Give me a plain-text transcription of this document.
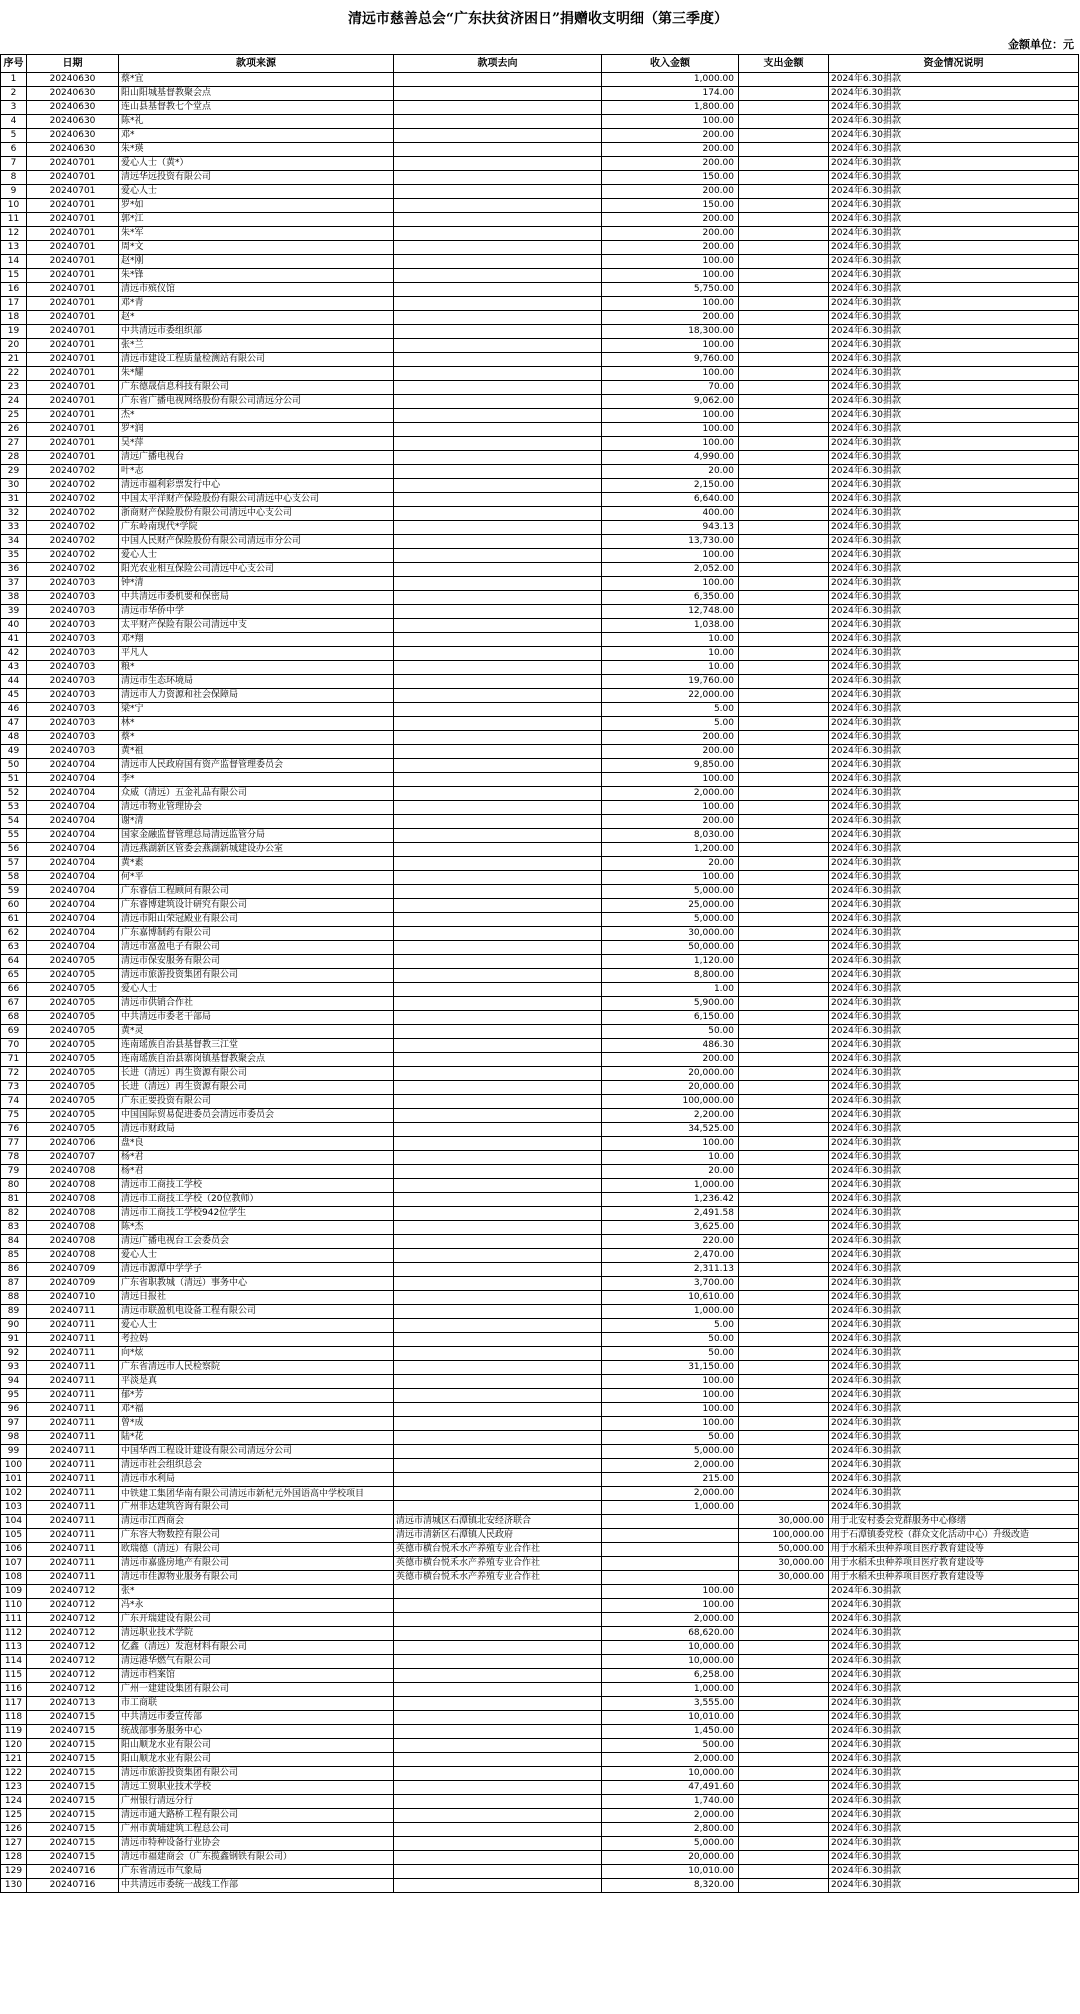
清远市慈善总会“广东扶贫济困日”捐赠收支明细（第三季度）
金额单位：元
序号	日期	款项来源	款项去向	收入金额	支出金额	资金情况说明
1	20240630	蔡*宜		1,000.00		2024年6.30捐款
2	20240630	阳山阳城基督教聚会点		174.00		2024年6.30捐款
3	20240630	连山县基督教七个堂点		1,800.00		2024年6.30捐款
4	20240630	陈*礼		100.00		2024年6.30捐款
5	20240630	邓*		200.00		2024年6.30捐款
6	20240630	朱*瑛		200.00		2024年6.30捐款
7	20240701	爱心人士（黄*）		200.00		2024年6.30捐款
8	20240701	清远华远投资有限公司		150.00		2024年6.30捐款
9	20240701	爱心人士		200.00		2024年6.30捐款
10	20240701	罗*如		150.00		2024年6.30捐款
11	20240701	郭*江		200.00		2024年6.30捐款
12	20240701	朱*军		200.00		2024年6.30捐款
13	20240701	周*文		200.00		2024年6.30捐款
14	20240701	赵*刚		100.00		2024年6.30捐款
15	20240701	朱*锋		100.00		2024年6.30捐款
16	20240701	清远市殡仪馆		5,750.00		2024年6.30捐款
17	20240701	邓*青		100.00		2024年6.30捐款
18	20240701	赵*		200.00		2024年6.30捐款
19	20240701	中共清远市委组织部		18,300.00		2024年6.30捐款
20	20240701	张*兰		100.00		2024年6.30捐款
21	20240701	清远市建设工程质量检测站有限公司		9,760.00		2024年6.30捐款
22	20240701	朱*耀		100.00		2024年6.30捐款
23	20240701	广东德晟信息科技有限公司		70.00		2024年6.30捐款
24	20240701	广东省广播电视网络股份有限公司清远分公司		9,062.00		2024年6.30捐款
25	20240701	杰*		100.00		2024年6.30捐款
26	20240701	罗*润		100.00		2024年6.30捐款
27	20240701	吴*萍		100.00		2024年6.30捐款
28	20240701	清远广播电视台		4,990.00		2024年6.30捐款
29	20240702	叶*志		20.00		2024年6.30捐款
30	20240702	清远市福利彩票发行中心		2,150.00		2024年6.30捐款
31	20240702	中国太平洋财产保险股份有限公司清远中心支公司		6,640.00		2024年6.30捐款
32	20240702	浙商财产保险股份有限公司清远中心支公司		400.00		2024年6.30捐款
33	20240702	广东岭南现代*学院		943.13		2024年6.30捐款
34	20240702	中国人民财产保险股份有限公司清远市分公司		13,730.00		2024年6.30捐款
35	20240702	爱心人士		100.00		2024年6.30捐款
36	20240702	阳光农业相互保险公司清远中心支公司		2,052.00		2024年6.30捐款
37	20240703	钟*清		100.00		2024年6.30捐款
38	20240703	中共清远市委机要和保密局		6,350.00		2024年6.30捐款
39	20240703	清远市华侨中学		12,748.00		2024年6.30捐款
40	20240703	太平财产保险有限公司清远中支		1,038.00		2024年6.30捐款
41	20240703	邓*翔		10.00		2024年6.30捐款
42	20240703	平凡人		10.00		2024年6.30捐款
43	20240703	粮*		10.00		2024年6.30捐款
44	20240703	清远市生态环境局		19,760.00		2024年6.30捐款
45	20240703	清远市人力资源和社会保障局		22,000.00		2024年6.30捐款
46	20240703	梁*宁		5.00		2024年6.30捐款
47	20240703	林*		5.00		2024年6.30捐款
48	20240703	蔡*		200.00		2024年6.30捐款
49	20240703	黄*祖		200.00		2024年6.30捐款
50	20240704	清远市人民政府国有资产监督管理委员会		9,850.00		2024年6.30捐款
51	20240704	李*		100.00		2024年6.30捐款
52	20240704	众威（清远）五金礼品有限公司		2,000.00		2024年6.30捐款
53	20240704	清远市物业管理协会		100.00		2024年6.30捐款
54	20240704	谢*清		200.00		2024年6.30捐款
55	20240704	国家金融监督管理总局清远监管分局		8,030.00		2024年6.30捐款
56	20240704	清远燕湖新区管委会燕湖新城建设办公室		1,200.00		2024年6.30捐款
57	20240704	黄*素		20.00		2024年6.30捐款
58	20240704	何*平		100.00		2024年6.30捐款
59	20240704	广东睿信工程顾问有限公司		5,000.00		2024年6.30捐款
60	20240704	广东睿博建筑设计研究有限公司		25,000.00		2024年6.30捐款
61	20240704	清远市阳山荣冠殿业有限公司		5,000.00		2024年6.30捐款
62	20240704	广东嘉博制药有限公司		30,000.00		2024年6.30捐款
63	20240704	清远市富盈电子有限公司		50,000.00		2024年6.30捐款
64	20240705	清远市保安服务有限公司		1,120.00		2024年6.30捐款
65	20240705	清远市旅游投资集团有限公司		8,800.00		2024年6.30捐款
66	20240705	爱心人士		1.00		2024年6.30捐款
67	20240705	清远市供销合作社		5,900.00		2024年6.30捐款
68	20240705	中共清远市委老干部局		6,150.00		2024年6.30捐款
69	20240705	黄*灵		50.00		2024年6.30捐款
70	20240705	连南瑶族自治县基督教三江堂		486.30		2024年6.30捐款
71	20240705	连南瑶族自治县寨岗镇基督教聚会点		200.00		2024年6.30捐款
72	20240705	长进（清远）再生资源有限公司		20,000.00		2024年6.30捐款
73	20240705	长进（清远）再生资源有限公司		20,000.00		2024年6.30捐款
74	20240705	广东正要投资有限公司		100,000.00		2024年6.30捐款
75	20240705	中国国际贸易促进委员会清远市委员会		2,200.00		2024年6.30捐款
76	20240705	清远市财政局		34,525.00		2024年6.30捐款
77	20240706	盘*良		100.00		2024年6.30捐款
78	20240707	杨*君		10.00		2024年6.30捐款
79	20240708	杨*君		20.00		2024年6.30捐款
80	20240708	清远市工商技工学校		1,000.00		2024年6.30捐款
81	20240708	清远市工商技工学校（20位教师）		1,236.42		2024年6.30捐款
82	20240708	清远市工商技工学校942位学生		2,491.58		2024年6.30捐款
83	20240708	陈*杰		3,625.00		2024年6.30捐款
84	20240708	清远广播电视台工会委员会		220.00		2024年6.30捐款
85	20240708	爱心人士		2,470.00		2024年6.30捐款
86	20240709	清远市源潭中学学子		2,311.13		2024年6.30捐款
87	20240709	广东省职教城（清远）事务中心		3,700.00		2024年6.30捐款
88	20240710	清远日报社		10,610.00		2024年6.30捐款
89	20240711	清远市联盈机电设备工程有限公司		1,000.00		2024年6.30捐款
90	20240711	爱心人士		5.00		2024年6.30捐款
91	20240711	考拉妈		50.00		2024年6.30捐款
92	20240711	向*炫		50.00		2024年6.30捐款
93	20240711	广东省清远市人民检察院		31,150.00		2024年6.30捐款
94	20240711	平淡是真		100.00		2024年6.30捐款
95	20240711	郁*芳		100.00		2024年6.30捐款
96	20240711	邓*福		100.00		2024年6.30捐款
97	20240711	曾*成		100.00		2024年6.30捐款
98	20240711	陆*花		50.00		2024年6.30捐款
99	20240711	中国华西工程设计建设有限公司清远分公司		5,000.00		2024年6.30捐款
100	20240711	清远市社会组织总会		2,000.00		2024年6.30捐款
101	20240711	清远市水利局		215.00		2024年6.30捐款
102	20240711	中铁建工集团华南有限公司清远市新杞元外国语高中学校项目		2,000.00		2024年6.30捐款
103	20240711	广州菲达建筑咨询有限公司		1,000.00		2024年6.30捐款
104	20240711	清远市江西商会	清远市清城区石潭镇北安经济联合		30,000.00	用于北安村委会党群服务中心修缮
105	20240711	广东容大物数控有限公司	清远市清新区石潭镇人民政府		100,000.00	用于石潭镇委党校（群众文化活动中心）升级改造
106	20240711	欧瑞德（清远）有限公司	英德市横台悦禾水产养殖专业合作社		50,000.00	用于水稻禾虫种养项目医疗教育建设等
107	20240711	清远市嘉盛房地产有限公司	英德市横台悦禾水产养殖专业合作社		30,000.00	用于水稻禾虫种养项目医疗教育建设等
108	20240711	清远市佳源物业服务有限公司	英德市横台悦禾水产养殖专业合作社		30,000.00	用于水稻禾虫种养项目医疗教育建设等
109	20240712	张*		100.00		2024年6.30捐款
110	20240712	冯*永		100.00		2024年6.30捐款
111	20240712	广东开瑞建设有限公司		2,000.00		2024年6.30捐款
112	20240712	清远职业技术学院		68,620.00		2024年6.30捐款
113	20240712	亿鑫（清远）发泡材料有限公司		10,000.00		2024年6.30捐款
114	20240712	清远港华燃气有限公司		10,000.00		2024年6.30捐款
115	20240712	清远市档案馆		6,258.00		2024年6.30捐款
116	20240712	广州一建建设集团有限公司		1,000.00		2024年6.30捐款
117	20240713	市工商联		3,555.00		2024年6.30捐款
118	20240715	中共清远市委宣传部		10,010.00		2024年6.30捐款
119	20240715	统战部事务服务中心		1,450.00		2024年6.30捐款
120	20240715	阳山顺龙水业有限公司		500.00		2024年6.30捐款
121	20240715	阳山顺龙水业有限公司		2,000.00		2024年6.30捐款
122	20240715	清远市旅游投资集团有限公司		10,000.00		2024年6.30捐款
123	20240715	清远工贸职业技术学校		47,491.60		2024年6.30捐款
124	20240715	广州银行清远分行		1,740.00		2024年6.30捐款
125	20240715	清远市通大路桥工程有限公司		2,000.00		2024年6.30捐款
126	20240715	广州市黄埔建筑工程总公司		2,800.00		2024年6.30捐款
127	20240715	清远市特种设备行业协会		5,000.00		2024年6.30捐款
128	20240715	清远市福建商会（广东揽鑫钢铁有限公司）		20,000.00		2024年6.30捐款
129	20240716	广东省清远市气象局		10,010.00		2024年6.30捐款
130	20240716	中共清远市委统一战线工作部		8,320.00		2024年6.30捐款
